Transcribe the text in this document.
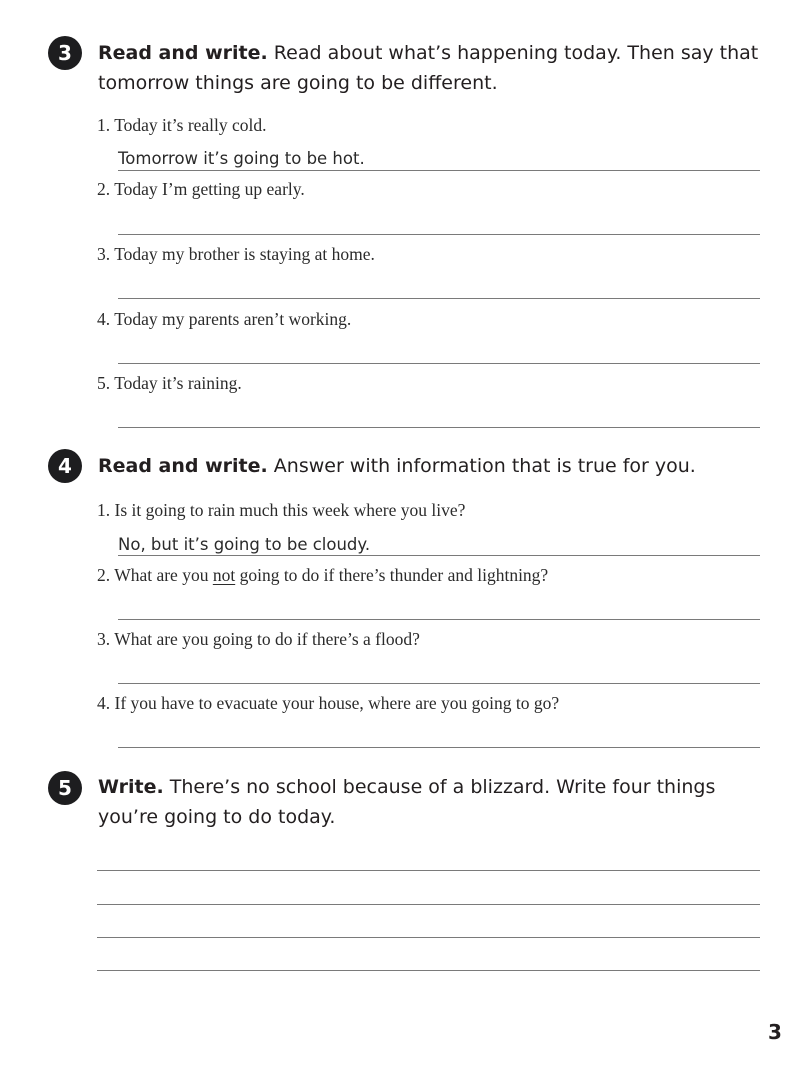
3	Read and write. Read about what’s happening today. Then say that tomorrow things are going to be different.
1. Today it’s really cold.
Tomorrow it’s going to be hot.
2. Today I’m getting up early.
3. Today my brother is staying at home.
4. Today my parents aren’t working.
5. Today it’s raining.
4	Read and write. Answer with information that is true for you.
1. Is it going to rain much this week where you live?
No, but it’s going to be cloudy.
2. What are you not going to do if there’s thunder and lightning?
3. What are you going to do if there’s a flood?
4. If you have to evacuate your house, where are you going to go?
5	Write. There’s no school because of a blizzard. Write four things you’re going to do today.
3
